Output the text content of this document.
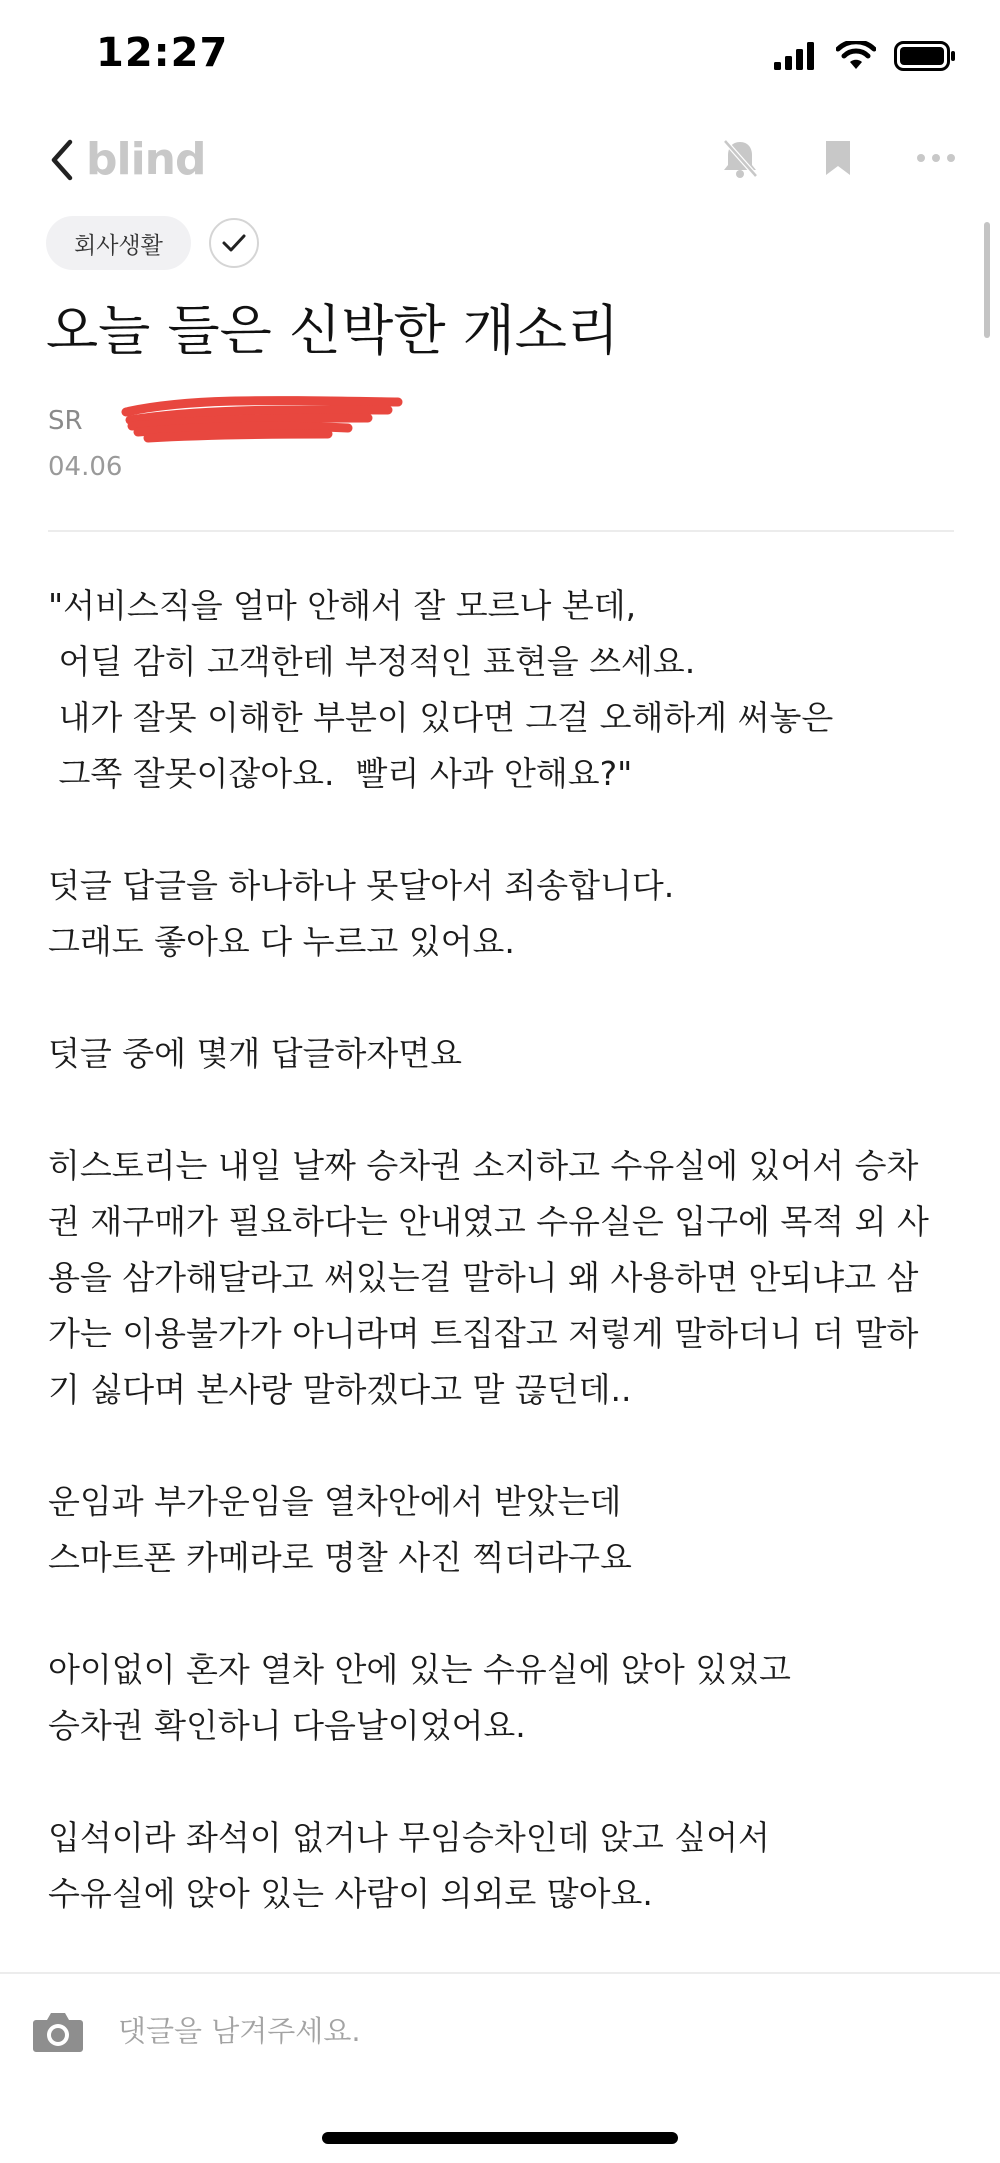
12:27
blind
회사생활
오늘 들은 신박한 개소리
SR
04.06

"서비스직을 얼마 안해서 잘 모르나 본데,
어딜 감히 고객한테 부정적인 표현을 쓰세요.
내가 잘못 이해한 부분이 있다면 그걸 오해하게 써놓은
그쪽 잘못이잖아요.  빨리 사과 안해요?"

덧글 답글을 하나하나 못달아서 죄송합니다.
그래도 좋아요 다 누르고 있어요.

덧글 중에 몇개 답글하자면요

히스토리는 내일 날짜 승차권 소지하고 수유실에 있어서 승차
권 재구매가 필요하다는 안내였고 수유실은 입구에 목적 외 사
용을 삼가해달라고 써있는걸 말하니 왜 사용하면 안되냐고 삼
가는 이용불가가 아니라며 트집잡고 저렇게 말하더니 더 말하
기 싫다며 본사랑 말하겠다고 말 끊던데..

운임과 부가운임을 열차안에서 받았는데
스마트폰 카메라로 명찰 사진 찍더라구요

아이없이 혼자 열차 안에 있는 수유실에 앉아 있었고
승차권 확인하니 다음날이었어요.

입석이라 좌석이 없거나 무임승차인데 앉고 싶어서
수유실에 앉아 있는 사람이 의외로 많아요.

댓글을 남겨주세요.
